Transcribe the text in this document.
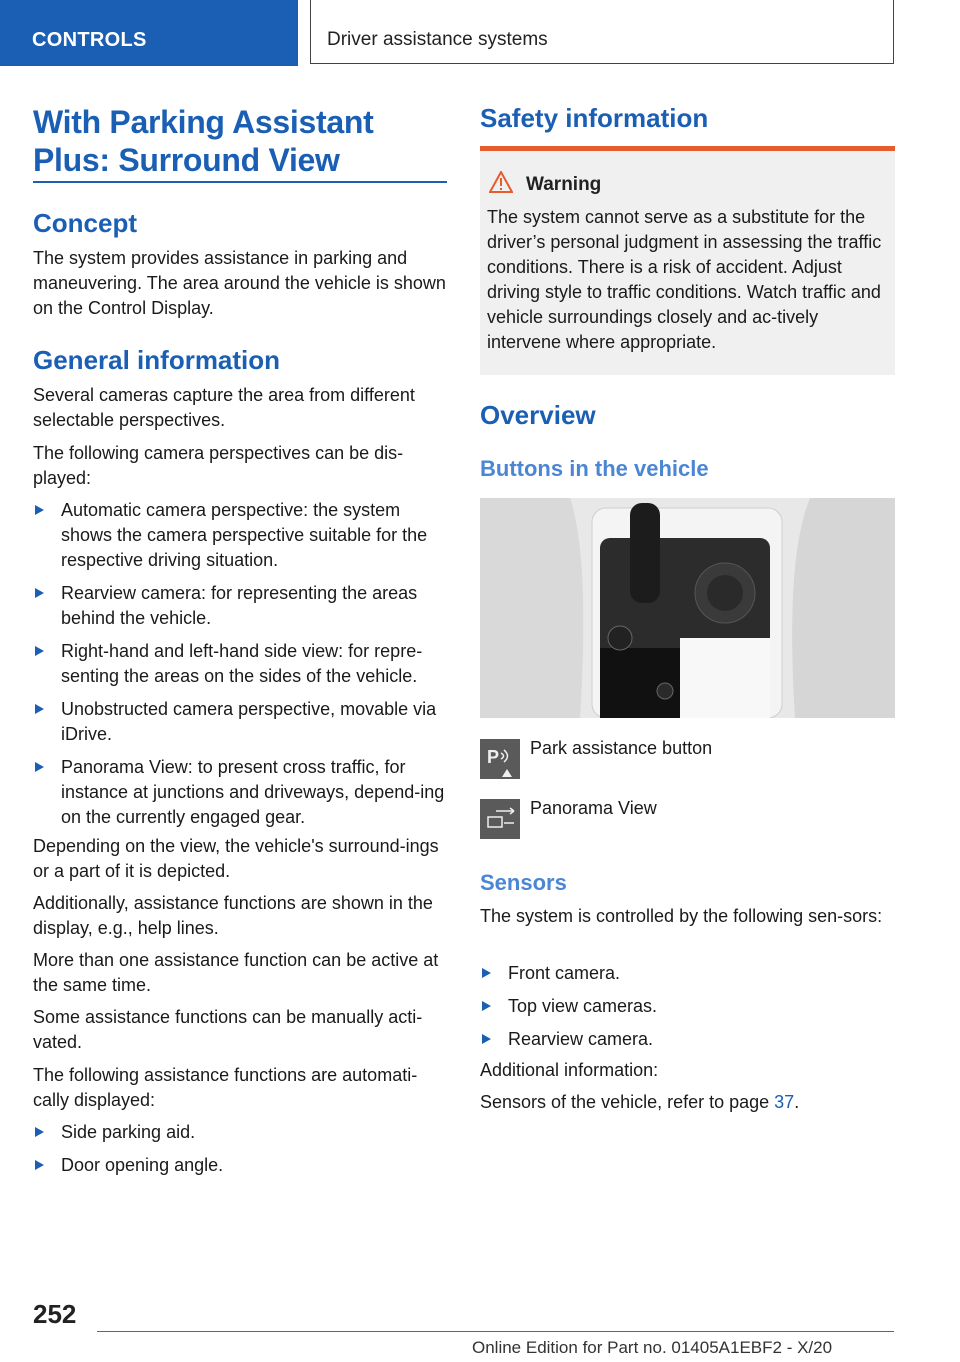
CONTROLS	Driver assistance systems
With Parking Assistant Plus: Surround View
Concept

The system provides assistance in parking and maneuvering. The area around the vehicle is shown on the Control Display.

General information

Several cameras capture the area from different selectable perspectives.

The following camera perspectives can be dis-played:

Automatic camera perspective: the system shows the camera perspective suitable for the respective driving situation.
Rearview camera: for representing the areas behind the vehicle.
Right-hand and left-hand side view: for repre-senting the areas on the sides of the vehicle.
Unobstructed camera perspective, movable via iDrive.
Panorama View: to present cross traffic, for instance at junctions and driveways, depend-ing on the currently engaged gear.

Depending on the view, the vehicle's surround-ings or a part of it is depicted.

Additionally, assistance functions are shown in the display, e.g., help lines.

More than one assistance function can be active at the same time.

Some assistance functions can be manually acti-vated.

The following assistance functions are automati-cally displayed:

Side parking aid.
Door opening angle.
Safety information
Warning

The system cannot serve as a substitute for the driver’s personal judgment in assessing the traffic conditions. There is a risk of accident. Adjust driving style to traffic conditions. Watch traffic and vehicle surroundings closely and ac-tively intervene where appropriate.

Overview
Buttons in the vehicle
P Park assistance button
Panorama View
Sensors

The system is controlled by the following sen-sors:

Front camera.
Top view cameras.
Rearview camera.

Additional information:

Sensors of the vehicle, refer to page 37.

252
Online Edition for Part no. 01405A1EBF2 - X/20
